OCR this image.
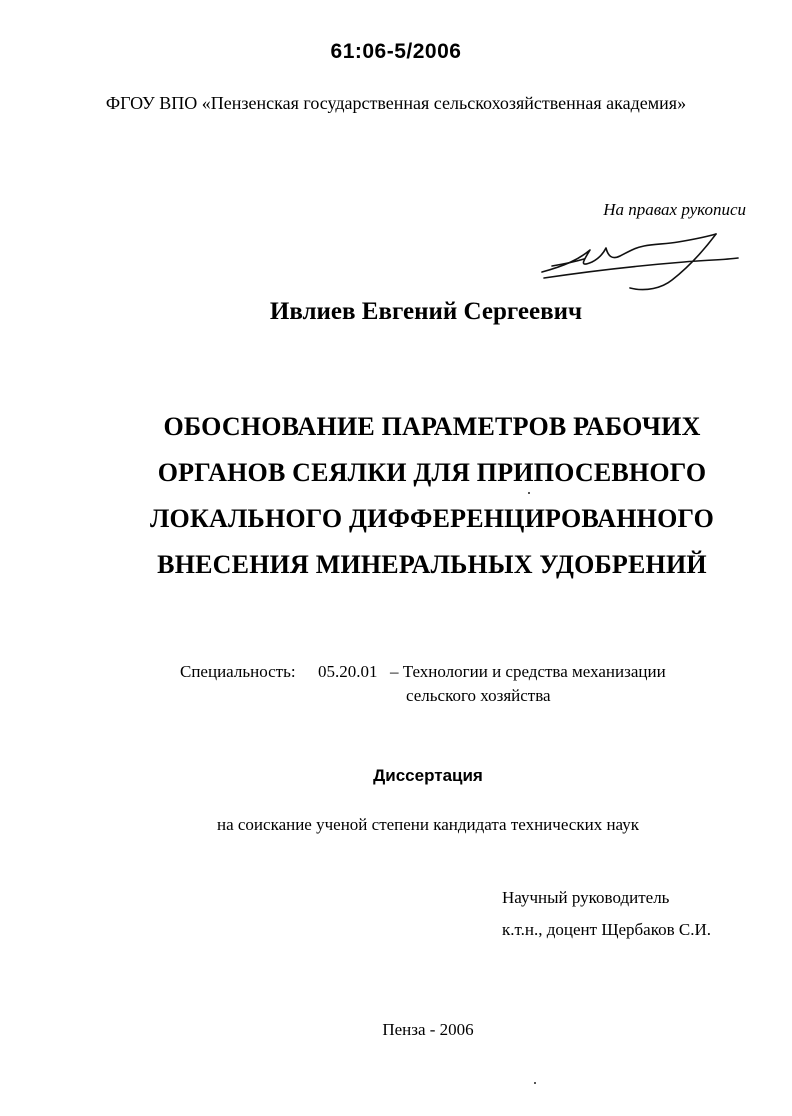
61:06-5/2006
ФГОУ ВПО «Пензенская государственная сельскохозяйственная академия»
На правах рукописи
Ивлиев Евгений Сергеевич
ОБОСНОВАНИЕ ПАРАМЕТРОВ РАБОЧИХ
ОРГАНОВ СЕЯЛКИ ДЛЯ ПРИПОСЕВНОГО
ЛОКАЛЬНОГО ДИФФЕРЕНЦИРОВАННОГО
ВНЕСЕНИЯ МИНЕРАЛЬНЫХ УДОБРЕНИЙ
Специальность: 05.20.01 – Технологии и средства механизации
сельского хозяйства
Диссертация
на соискание ученой степени кандидата технических наук
Научный руководитель
к.т.н., доцент Щербаков С.И.
Пенза - 2006
